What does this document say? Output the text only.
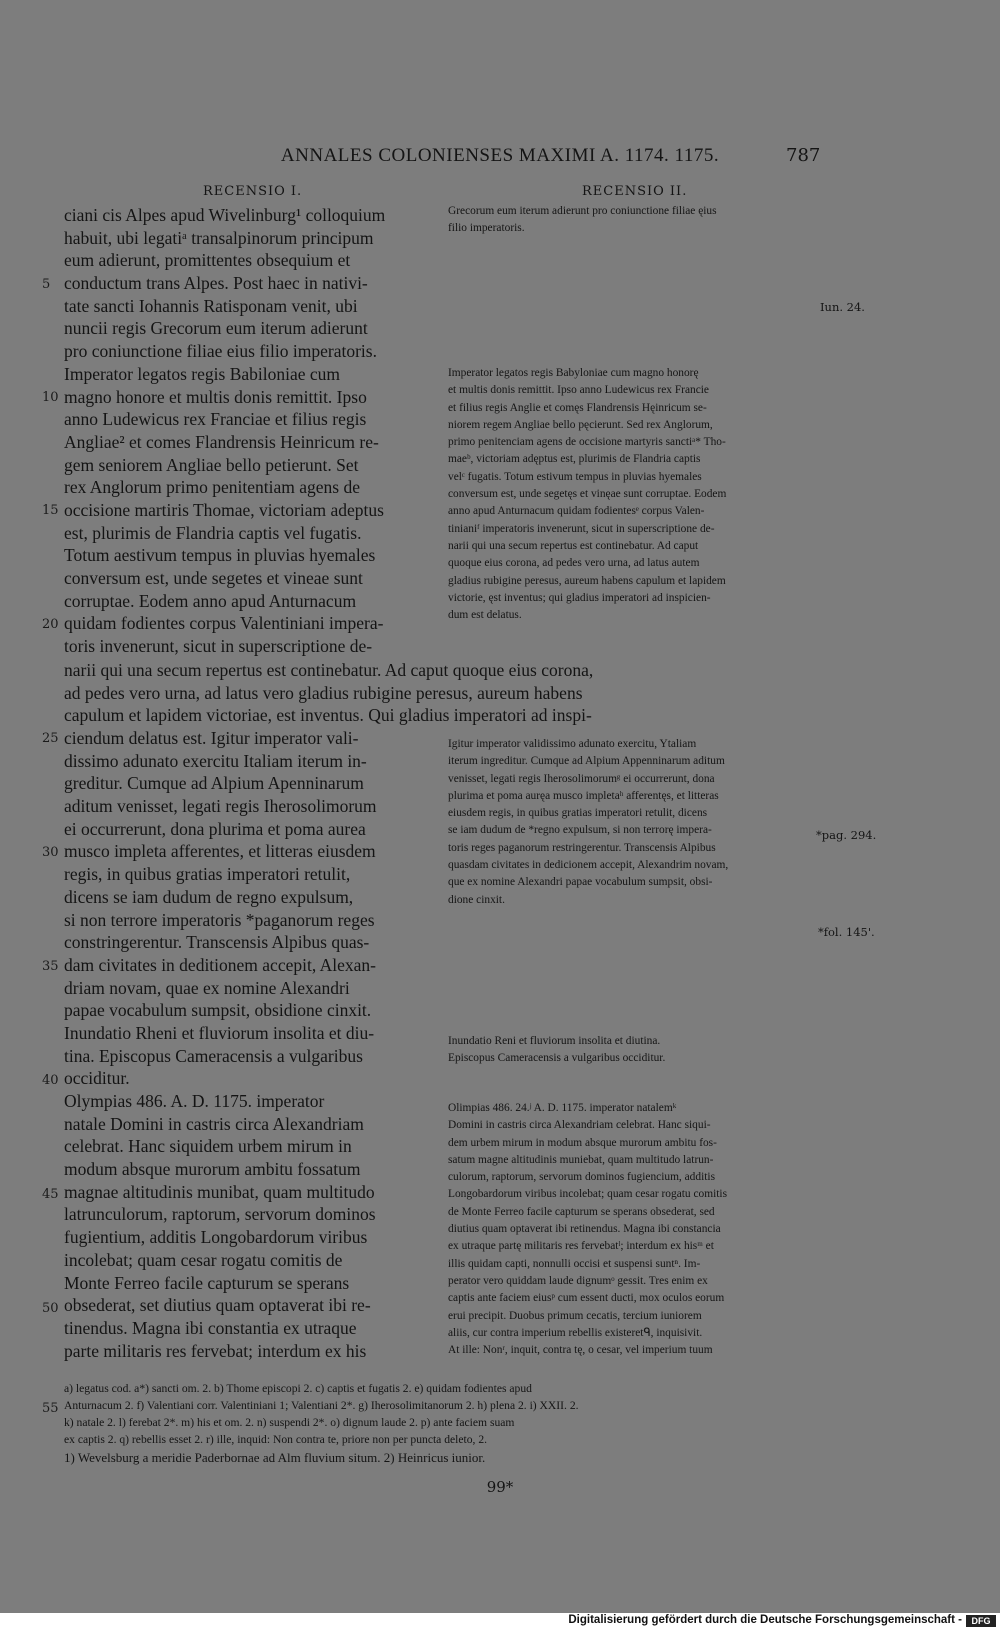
ANNALES COLONIENSES MAXIMI A. 1174. 1175.	787
RECENSIO I.	RECENSIO II.
ciani cis Alpes apud Wivelinburg¹ colloquium
habuit, ubi legatiᵃ transalpinorum principum
eum adierunt, promittentes obsequium et
conductum trans Alpes. Post haec in nativi-
tate sancti Iohannis Ratisponam venit, ubi
nuncii regis Grecorum eum iterum adierunt
pro coniunctione filiae eius filio imperatoris.
Imperator legatos regis Babiloniae cum
magno honore et multis donis remittit. Ipso
anno Ludewicus rex Franciae et filius regis
Angliae² et comes Flandrensis Heinricum re-
gem seniorem Angliae bello petierunt. Set
rex Anglorum primo penitentiam agens de
occisione martiris Thomae, victoriam adeptus
est, plurimis de Flandria captis vel fugatis.
Totum aestivum tempus in pluvias hyemales
conversum est, unde segetes et vineae sunt
corruptae. Eodem anno apud Anturnacum
quidam fodientes corpus Valentiniani impera-
toris invenerunt, sicut in superscriptione de-
narii qui una secum repertus est continebatur. Ad caput quoque eius corona,
ad pedes vero urna, ad latus vero gladius rubigine peresus, aureum habens
capulum et lapidem victoriae, est inventus. Qui gladius imperatori ad inspi-
ciendum delatus est. Igitur imperator vali-
dissimo adunato exercitu Italiam iterum in-
greditur. Cumque ad Alpium Apenninarum
aditum venisset, legati regis Iherosolimorum
ei occurrerunt, dona plurima et poma aurea
musco impleta afferentes, et litteras eiusdem
regis, in quibus gratias imperatori retulit,
dicens se iam dudum de regno expulsum,
si non terrore imperatoris *paganorum reges
constringerentur. Transcensis Alpibus quas-
dam civitates in deditionem accepit, Alexan-
driam novam, quae ex nomine Alexandri
papae vocabulum sumpsit, obsidione cinxit.
Inundatio Rheni et fluviorum insolita et diu-
tina. Episcopus Cameracensis a vulgaribus
occiditur.
Olympias 486. A. D. 1175. imperator
natale Domini in castris circa Alexandriam
celebrat. Hanc siquidem urbem mirum in
modum absque murorum ambitu fossatum
magnae altitudinis munibat, quam multitudo
latrunculorum, raptorum, servorum dominos
fugientium, additis Longobardorum viribus
incolebat; quam cesar rogatu comitis de
Monte Ferreo facile capturum se sperans
obsederat, set diutius quam optaverat ibi re-
tinendus. Magna ibi constantia ex utraque
parte militaris res fervebat; interdum ex his
5
10
15
20
25
30
35
40
45
50
55
Grecorum eum iterum adierunt pro coniunctione filiae ęius
filio imperatoris.
Imperator legatos regis Babyloniae cum magno honorę
et multis donis remittit. Ipso anno Ludewicus rex Francie
et filius regis Anglie et comęs Flandrensis Hęinricum se-
niorem regem Angliae bello pęcierunt. Sed rex Anglorum,
primo penitenciam agens de occisione martyris sanctiᵃ* Tho-
maeᵇ, victoriam adęptus est, plurimis de Flandria captis
velᶜ fugatis. Totum estivum tempus in pluvias hyemales
conversum est, unde segetęs et vinęae sunt corruptae. Eodem
anno apud Anturnacum quidam fodientesᵉ corpus Valen-
tinianiᶠ imperatoris invenerunt, sicut in superscriptione de-
narii qui una secum repertus est continebatur. Ad caput
quoque eius corona, ad pedes vero urna, ad latus autem
gladius rubigine peresus, aureum habens capulum et lapidem
victorie, ęst inventus; qui gladius imperatori ad inspicien-
dum est delatus.
Igitur imperator validissimo adunato exercitu, Ytaliam
iterum ingreditur. Cumque ad Alpium Appenninarum aditum
venisset, legati regis Iherosolimorumᵍ ei occurrerunt, dona
plurima et poma auręa musco impletaʰ afferentęs, et litteras
eiusdem regis, in quibus gratias imperatori retulit, dicens
se iam dudum de *regno expulsum, si non terrorę impera-
toris reges paganorum restringerentur. Transcensis Alpibus
quasdam civitates in dedicionem accepit, Alexandrim novam,
que ex nomine Alexandri papae vocabulum sumpsit, obsi-
dione cinxit.
Inundatio Reni et fluviorum insolita et diutina.
Episcopus Cameracensis a vulgaribus occiditur.
Olimpias 486. 24.ʲ A. D. 1175. imperator natalemᵏ
Domini in castris circa Alexandriam celebrat. Hanc siqui-
dem urbem mirum in modum absque murorum ambitu fos-
satum magne altitudinis muniebat, quam multitudo latrun-
culorum, raptorum, servorum dominos fugiencium, additis
Longobardorum viribus incolebat; quam cesar rogatu comitis
de Monte Ferreo facile capturum se sperans obsederat, sed
diutius quam optaverat ibi retinendus. Magna ibi constancia
ex utraque partę militaris res fervebatˡ; interdum ex hisᵐ et
illis quidam capti, nonnulli occisi et suspensi suntⁿ. Im-
perator vero quiddam laude dignumᵒ gessit. Tres enim ex
captis ante faciem eiusᵖ cum essent ducti, mox oculos eorum
erui precipit. Duobus primum cecatis, tercium iuniorem
aliis, cur contra imperium rebellis existeretᑫ, inquisivit.
At ille: Nonʳ, inquit, contra tę, o cesar, vel imperium tuum
Iun. 24.
*pag. 294.
*fol. 145'.
a) legatus cod. a*) sancti om. 2. b) Thome episcopi 2. c) captis et fugatis 2. e) quidam fodientes apud
Anturnacum 2. f) Valentiani corr. Valentiniani 1; Valentiani 2*. g) Iherosolimitanorum 2. h) plena 2. i) XXII. 2.
k) natale 2. l) ferebat 2*. m) his et om. 2. n) suspendi 2*. o) dignum laude 2. p) ante faciem suam
ex captis 2. q) rebellis esset 2. r) ille, inquid: Non contra te, priore non per puncta deleto, 2.
1) Wevelsburg a meridie Paderbornae ad Alm fluvium situm. 2) Heinricus iunior.
99*
Digitalisierung gefördert durch die Deutsche Forschungsgemeinschaft -	DFG
